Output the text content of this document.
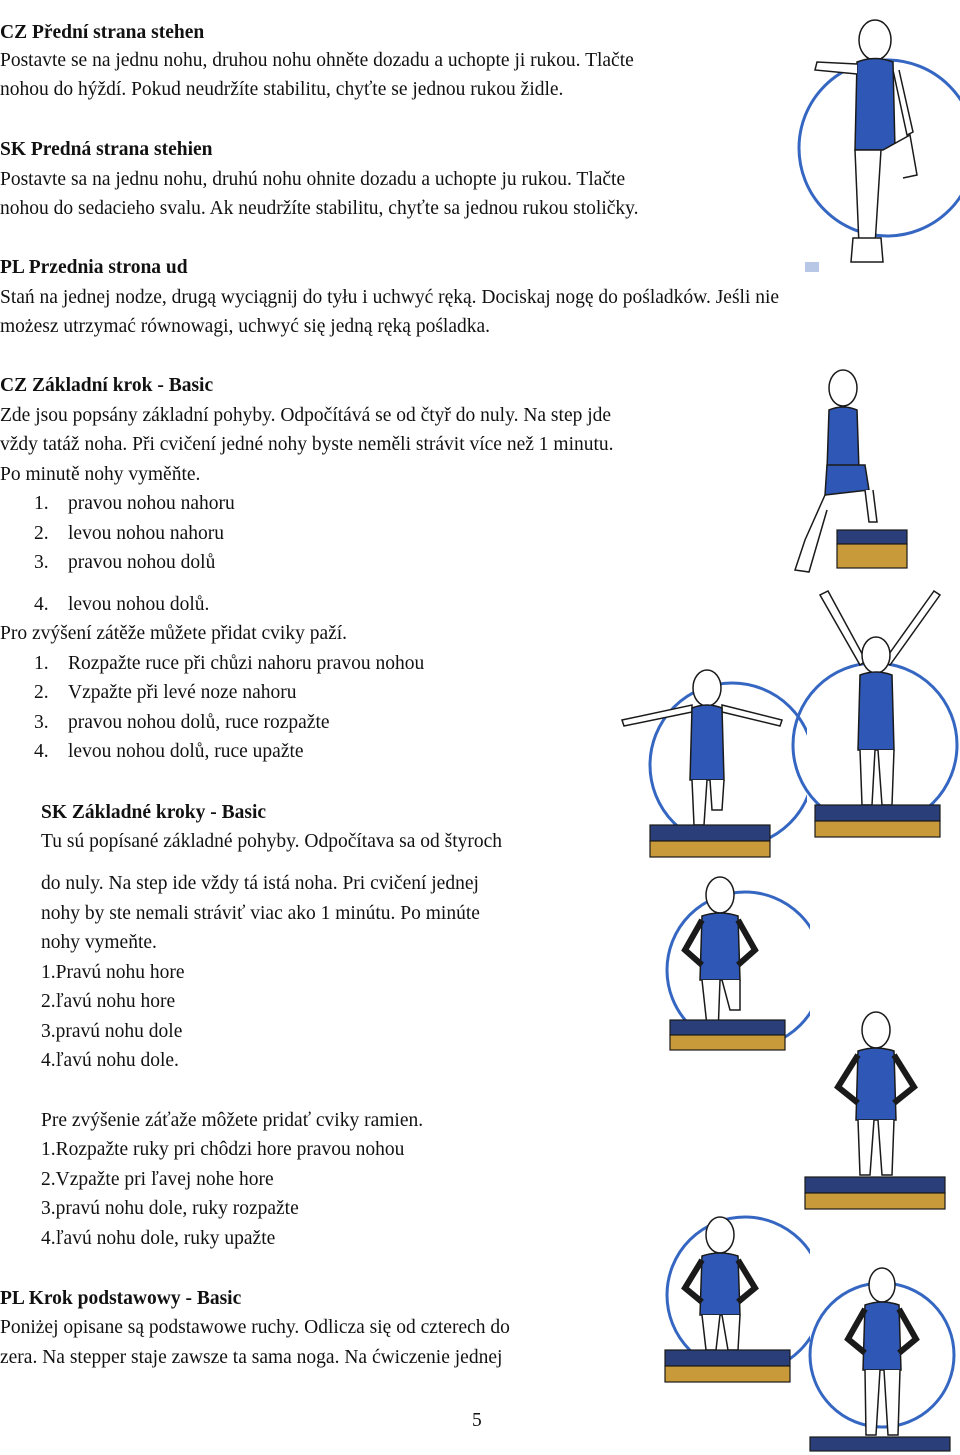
CZ Přední strana stehen
Postavte se na jednu nohu, druhou nohu ohněte dozadu a uchopte ji rukou. Tlačte
nohou do hýždí. Pokud neudržíte stabilitu, chyťte se jednou rukou židle.
SK Predná strana stehien
Postavte sa na jednu nohu, druhú nohu ohnite dozadu a uchopte ju rukou. Tlačte
nohou do sedacieho svalu. Ak neudržíte stabilitu, chyťte sa jednou rukou stoličky.
PL Przednia strona ud
Stań na jednej nodze, drugą wyciągnij do tyłu i uchwyć ręką. Dociskaj nogę do pośladków. Jeśli nie
możesz utrzymać równowagi, uchwyć się jedną ręką pośladka.
CZ Základní krok - Basic
Zde jsou popsány základní pohyby. Odpočítává se od čtyř do nuly. Na step jde
vždy tatáž noha. Při cvičení jedné nohy byste neměli strávit více než 1 minutu.
Po minutě nohy vyměňte.
1. pravou nohou nahoru
2. levou nohou nahoru
3. pravou nohou dolů
4. levou nohou dolů.
Pro zvýšení zátěže můžete přidat cviky paží.
1. Rozpažte ruce při chůzi nahoru pravou nohou
2. Vzpažte při levé noze nahoru
3. pravou nohou dolů, ruce rozpažte
4. levou nohou dolů, ruce upažte
SK Základné kroky - Basic
Tu sú popísané základné pohyby. Odpočítava sa od štyroch
do nuly. Na step ide vždy tá istá noha. Pri cvičení jednej
nohy by ste nemali stráviť viac ako 1 minútu. Po minúte
nohy vymeňte.
1.Pravú nohu hore
2.ľavú nohu hore
3.pravú nohu dole
4.ľavú nohu dole.
Pre zvýšenie záťaže môžete pridať cviky ramien.
1.Rozpažte ruky pri chôdzi hore pravou nohou
2.Vzpažte pri ľavej nohe hore
3.pravú nohu dole, ruky rozpažte
4.ľavú nohu dole, ruky upažte
PL Krok podstawowy - Basic
Poniżej opisane są podstawowe ruchy. Odlicza się od czterech do
zera. Na stepper staje zawsze ta sama noga. Na ćwiczenie jednej
5
